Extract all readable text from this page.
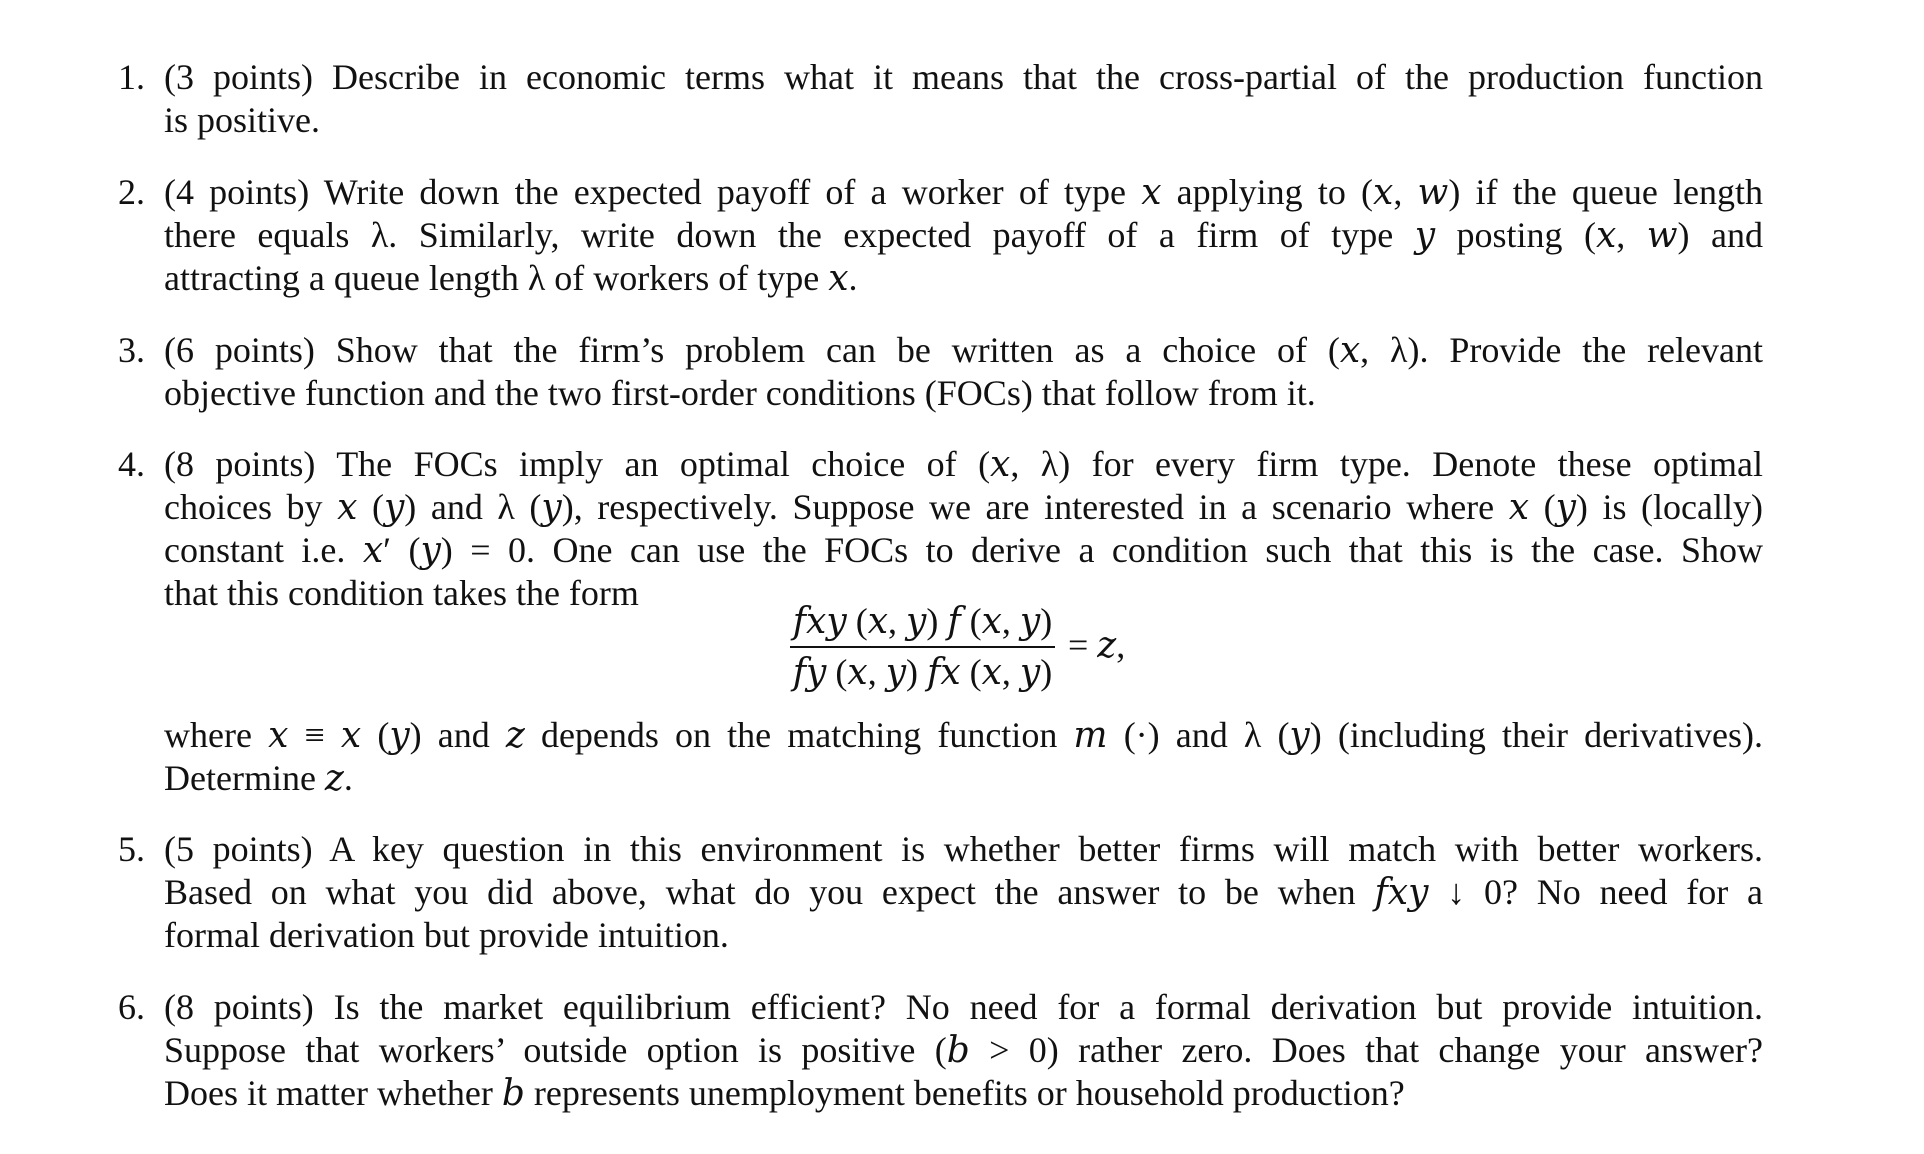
1. (3 points) Describe in economic terms what it means that the cross-partial of the production function
is positive.
2. (4 points) Write down the expected payoff of a worker of type 𝑥 applying to (𝑥, 𝑤) if the queue length
there equals λ. Similarly, write down the expected payoff of a firm of type 𝑦 posting (𝑥, 𝑤) and
attracting a queue length λ of workers of type 𝑥.
3. (6 points) Show that the firm’s problem can be written as a choice of (𝑥, λ). Provide the relevant
objective function and the two first-order conditions (FOCs) that follow from it.
4. (8 points) The FOCs imply an optimal choice of (𝑥, λ) for every firm type. Denote these optimal
choices by 𝑥 (𝑦) and λ (𝑦), respectively. Suppose we are interested in a scenario where 𝑥 (𝑦) is (locally)
constant i.e. 𝑥′ (𝑦) = 0. One can use the FOCs to derive a condition such that this is the case. Show
that this condition takes the form
where 𝑥 ≡ 𝑥 (𝑦) and 𝑧 depends on the matching function 𝑚 (·) and λ (𝑦) (including their derivatives).
Determine 𝑧.
𝑓𝑥𝑦 (𝑥, 𝑦) 𝑓 (𝑥, 𝑦)
𝑓𝑦 (𝑥, 𝑦) 𝑓𝑥 (𝑥, 𝑦)
= 𝑧,
5. (5 points) A key question in this environment is whether better firms will match with better workers.
Based on what you did above, what do you expect the answer to be when 𝑓𝑥𝑦 ↓ 0? No need for a
formal derivation but provide intuition.
6. (8 points) Is the market equilibrium efficient? No need for a formal derivation but provide intuition.
Suppose that workers’ outside option is positive (𝑏 > 0) rather zero. Does that change your answer?
Does it matter whether 𝑏 represents unemployment benefits or household production?
